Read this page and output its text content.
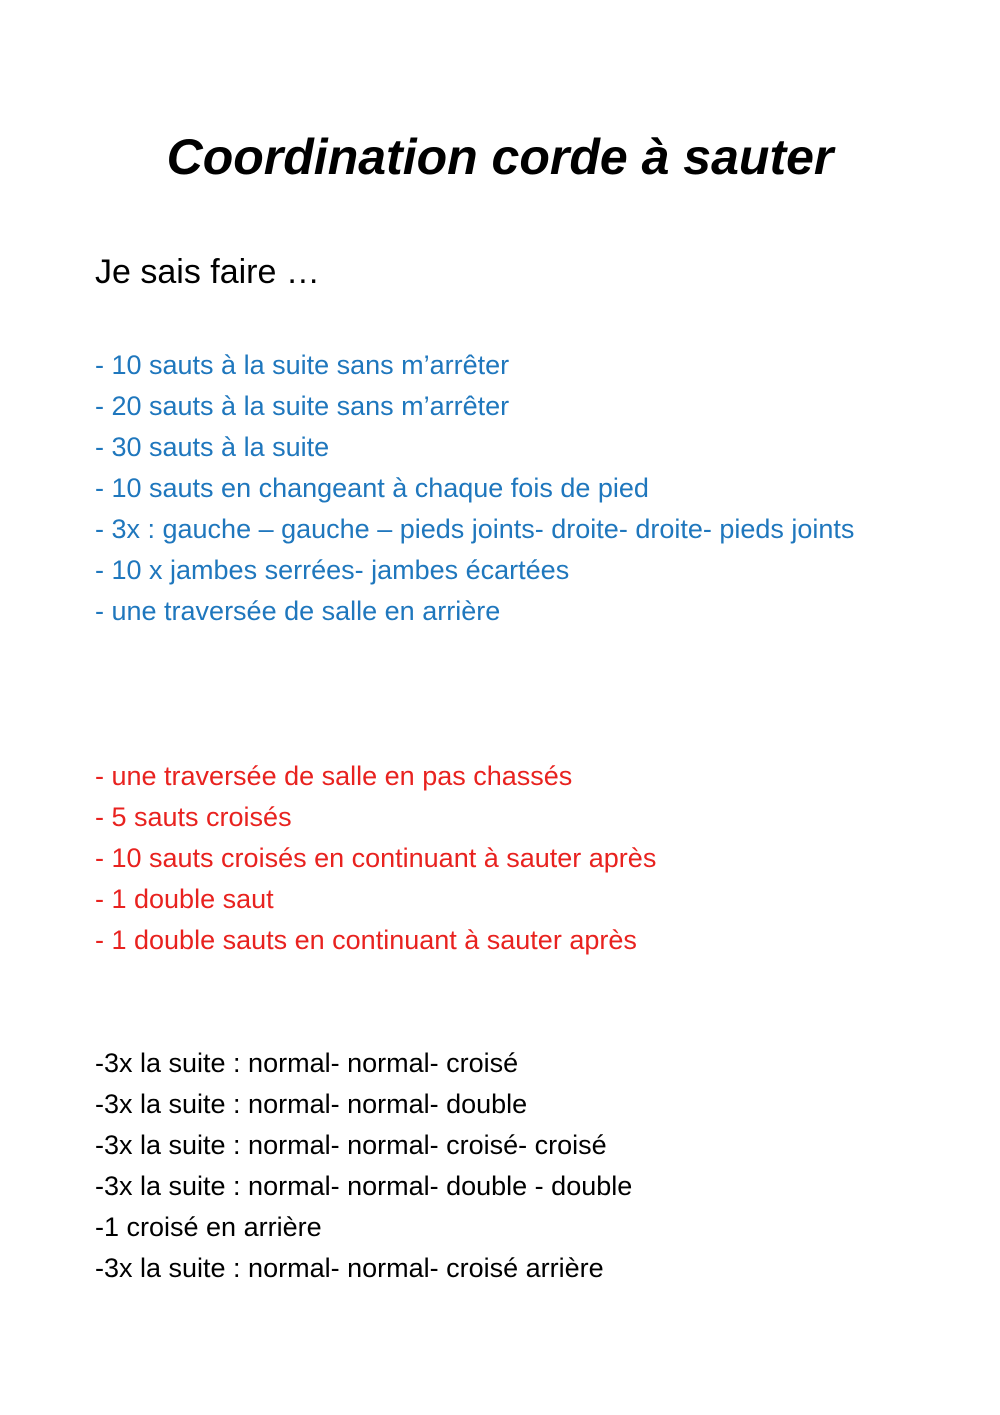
Coordination corde à sauter
Je sais faire …
- 10 sauts à la suite sans m’arrêter
- 20 sauts à la suite sans m’arrêter
- 30 sauts à la suite
- 10 sauts en changeant à chaque fois de pied
- 3x : gauche – gauche – pieds joints- droite- droite- pieds joints
- 10 x jambes serrées- jambes écartées
- une traversée de salle en arrière
- une traversée de salle en pas chassés
- 5 sauts croisés
- 10 sauts croisés en continuant à sauter après
- 1 double saut
- 1 double sauts en continuant à sauter après
-3x la suite : normal- normal- croisé
-3x la suite : normal- normal- double
-3x la suite : normal- normal- croisé- croisé
-3x la suite : normal- normal- double - double
-1 croisé en arrière
-3x la suite : normal- normal- croisé arrière
